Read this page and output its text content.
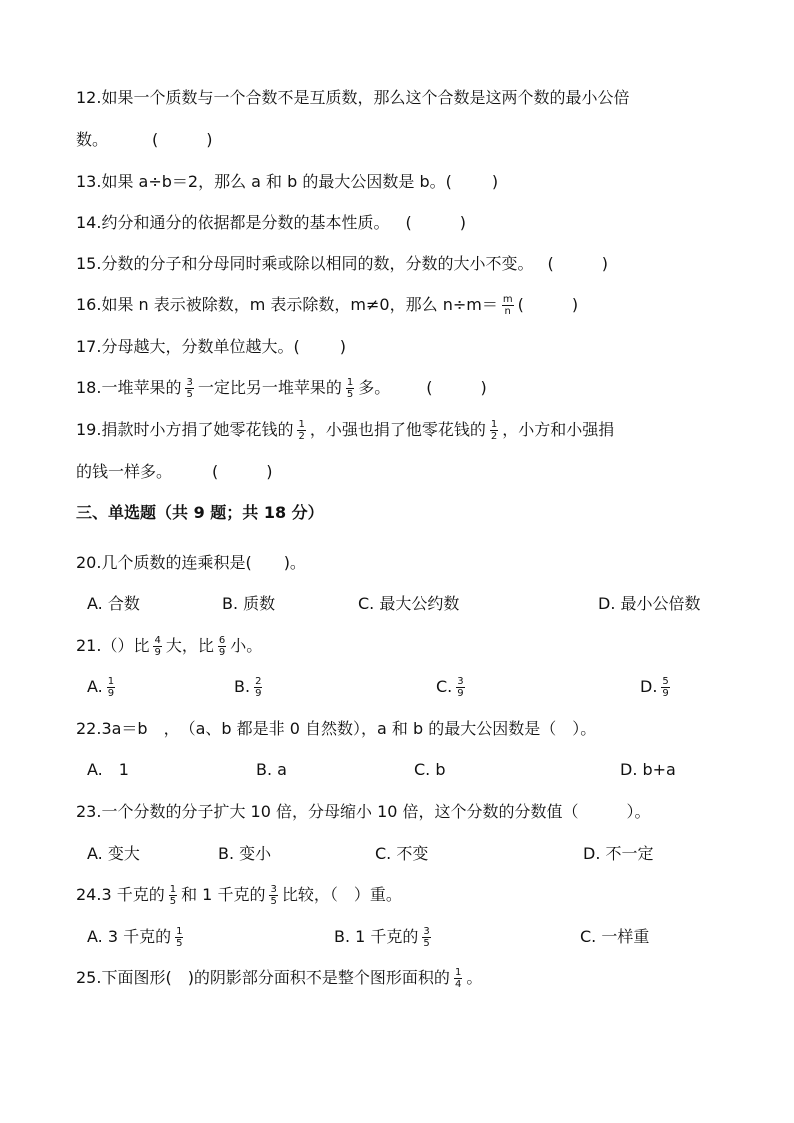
12.如果一个质数与一个合数不是互质数，那么这个合数是这两个数的最小公倍
数。	(　　　)
13.如果 a÷b＝2，那么 a 和 b 的最大公因数是 b。(	)
14.约分和通分的依据都是分数的基本性质。 (　　　)
15.分数的分子和分母同时乘或除以相同的数，分数的大小不变。 (　　　)
16.如果 n 表示被除数，m 表示除数，m≠0，那么 $n\div m= \frac{m}{n}$ (　　　)
17.分母越大，分数单位越大。(	)
18.一堆苹果的 $\frac{3}{5}$ 一定比另一堆苹果的 $\frac{1}{5}$ 多。 (　　　)
19.捐款时小方捐了她零花钱的 $\frac{1}{2}$ ，小强也捐了他零花钱的 $\frac{1}{2}$ ，小方和小强捐
的钱一样多。	(　　　)
三、单选题（共 9 题；共 18 分）
20.几个质数的连乘积是(　　)。
A. 合数	B. 质数	C. 最大公约数	D. 最小公倍数
21.（）比 $\frac{4}{9}$ 大，比 $\frac{6}{9}$ 小。
A. $\frac{1}{9}$	B. $\frac{2}{9}$	C. $\frac{3}{9}$	D. $\frac{5}{9}$
22.3a＝b　，　（a、b 都是非 0 自然数），a 和 b 的最大公因数是（　）。
A.　1	B. a	C. b	D. b+a
23.一个分数的分子扩大 10 倍，分母缩小 10 倍，这个分数的分数值（　　　）。
A. 变大	B. 变小	C. 不变	D. 不一定
24.3 千克的 $\frac{1}{5}$ 和 1 千克的 $\frac{3}{5}$ 比较，（　）重。
A. 3 千克的 $\frac{1}{5}$	B. 1 千克的 $\frac{3}{5}$	C. 一样重
25.下面图形(　)的阴影部分面积不是整个图形面积的 $\frac{1}{4}$ 。
